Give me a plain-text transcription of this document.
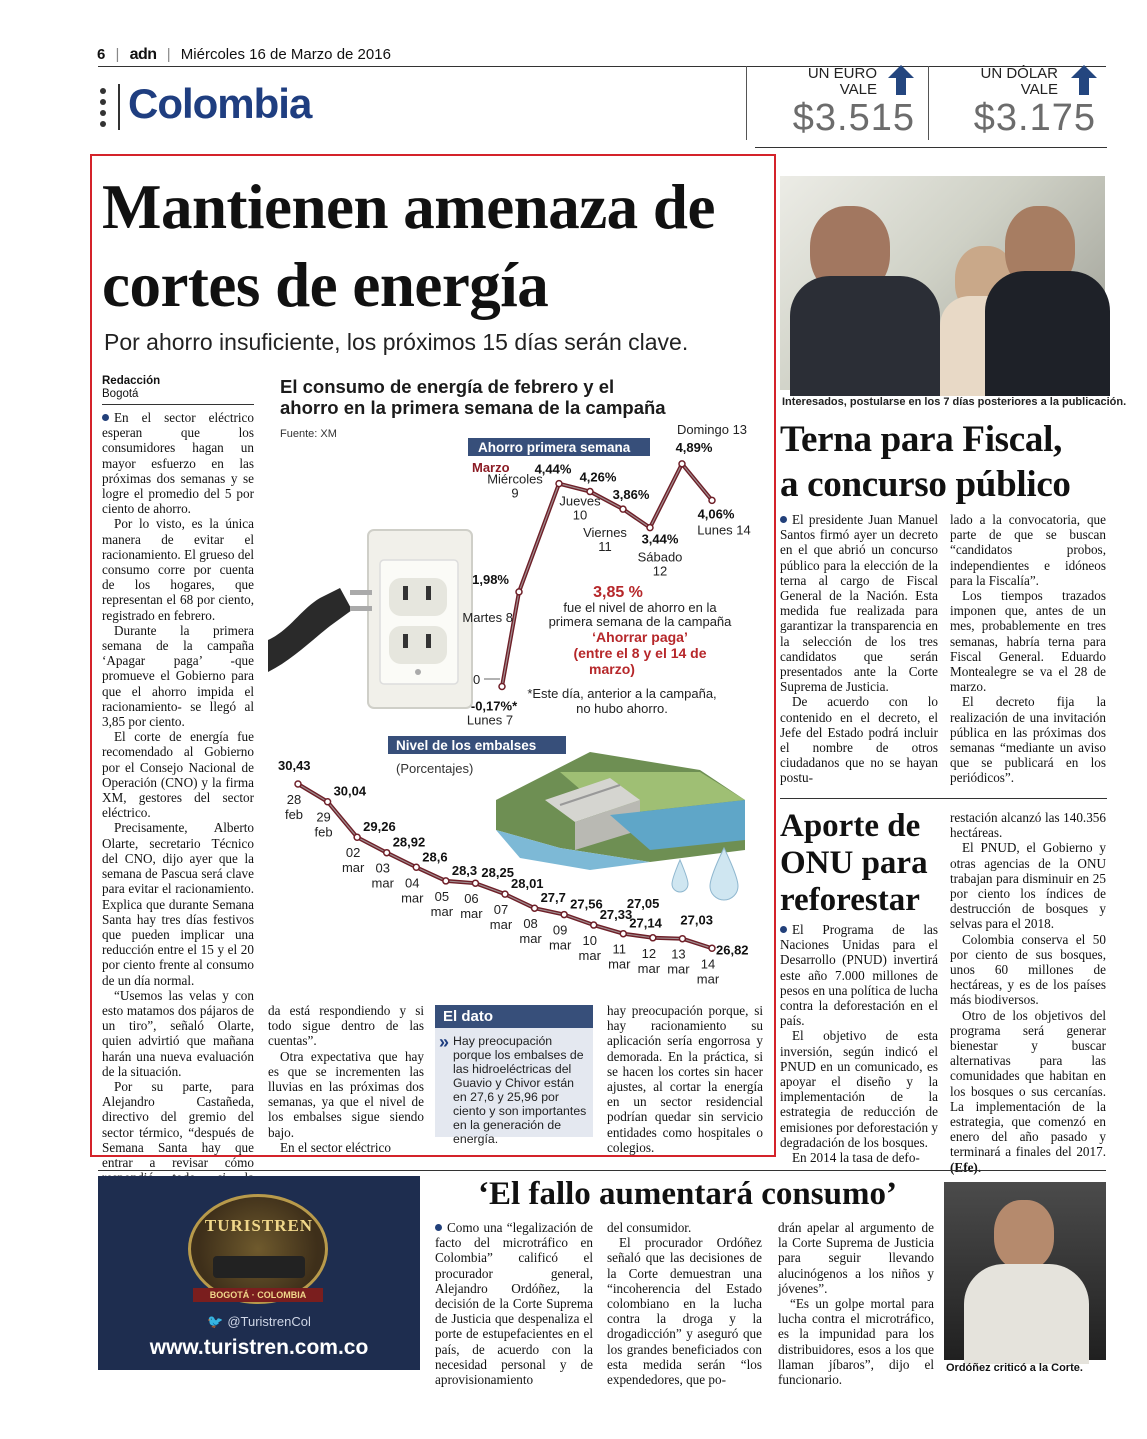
6 | adn | Miércoles 16 de Marzo de 2016
Colombia
UN EURO
VALE
$3.515
UN DÓLAR
VALE
$3.175
Mantienen amenaza de cortes de energía
Por ahorro insuficiente, los próximos 15 días serán clave.
Redacción
Bogotá

En el sector eléctrico esperan que los consumidores hagan un mayor esfuerzo en las próximas dos semanas y se logre el promedio del 5 por ciento de ahorro.

Por lo visto, es la única manera de evitar el racionamiento. El grueso del consumo corre por cuenta de los hogares, que representan el 68 por ciento, registrado en febrero.

Durante la primera semana de la campaña ‘Apagar paga’ -que promueve el Gobierno para que el ahorro impida el racionamiento- se llegó al 3,85 por ciento.

El corte de energía fue recomendado al Gobierno por el Consejo Nacional de Operación (CNO) y la firma XM, gestores del sector eléctrico.

Precisamente, Alberto Olarte, secretario Técnico del CNO, dijo ayer que la semana de Pascua será clave para evitar el racionamiento. Explica que durante Semana Santa hay tres días festivos que pueden implicar una reducción entre el 15 y el 20 por ciento frente al consumo de un día normal.

“Usemos las velas y con esto matamos dos pájaros de un tiro”, señaló Olarte, quien advirtió que mañana harán una nueva evaluación de la situación.

Por su parte, para Alejandro Castañeda, directivo del gremio del sector térmico, “después de Semana Santa hay que entrar a revisar cómo

El consumo de energía de febrero y el
ahorro en la primera semana de la campaña
Fuente: XM
Ahorro primera semana
Marzo
0
-0,17%*
Lunes 7
1,98%
Martes 8
4,44%
Miércoles
9
4,26%
Jueves
10
3,86%
Viernes
11
3,44%
Sábado
12
4,89%
Domingo 13
4,06%
Lunes 14
3,85 %
fue el nivel de ahorro en la
primera semana de la campaña
‘Ahorrar paga’
(entre el 8 y el 14 de
marzo)
*Este día, anterior a la campaña,
no hubo ahorro.
Nivel de los embalses
(Porcentajes)
30,43
28
feb
30,04
29
feb 29,26
02
mar
28,92
03
mar
28,6
04
mar
28,3
05
mar
28,25
06
mar
28,01
07
mar
27,7
08
mar
27,56
09
mar
27,33
10
mar
27,14
11
mar
27,05
12
mar
27,03
13
mar
26,82
14
mar

da está respondiendo y si todo sigue dentro de las cuentas”.

Otra expectativa que hay es que se incrementen las lluvias en las próximas dos semanas, ya que el nivel de los embalses sigue siendo bajo.

En el sector eléctrico

El dato
» Hay preocupación porque los embalses de las hidroeléctricas del Guavio y Chivor están en 27,6 y 25,96 por ciento y son importantes en la generación de energía.

hay preocupación porque, si hay racionamiento su aplicación sería engorrosa y demorada. En la práctica, si se hacen los cortes sin hacer ajustes, al cortar la energía en un sector residencial podrían quedar sin servicio entidades como hospitales o colegios.

Interesados, postularse en los 7 días posteriores a la publicación.
Terna para Fiscal,
a concurso público

El presidente Juan Manuel Santos firmó ayer un decreto en el que abrió un concurso público para la elección de la terna al cargo de Fiscal General de la Nación. Esta medida fue realizada para garantizar la transparencia en la selección de los tres candidatos que serán presentados ante la Corte Suprema de Justicia.

De acuerdo con lo contenido en el decreto, el Jefe del Estado podrá incluir el nombre de otros ciudadanos que no se hayan postu-

lado a la convocatoria, que parte de que se buscan “candidatos probos, independientes e idóneos para la Fiscalía”.

Los tiempos trazados imponen que, antes de un mes, probablemente en tres semanas, habría terna para Fiscal General. Eduardo Montealegre se va el 28 de marzo.

El decreto fija la realización de una invitación pública en las próximas dos semanas “mediante un aviso que se publicará en los periódicos”.

Aporte de ONU para reforestar

El Programa de las Naciones Unidas para el Desarrollo (PNUD) invertirá este año 7.000 millones de pesos en una política de lucha contra la deforestación en el país.

El objetivo de esta inversión, según indicó el PNUD en un comunicado, es apoyar el diseño y la implementación de la estrategia de reducción de emisiones por deforestación y degradación de los bosques.

En 2014 la tasa de defo-

restación alcanzó las 140.356 hectáreas.

El PNUD, el Gobierno y otras agencias de la ONU trabajan para disminuir en 25 por ciento los índices de destrucción de bosques y selvas para el 2018.

Colombia conserva el 50 por ciento de sus bosques, unos 60 millones de hectáreas, y es de los países más biodiversos.

Otro de los objetivos del programa será generar bienestar y buscar alternativas para las comunidades que habitan en los bosques o sus cercanías. La implementación de la estrategia, que comenzó en enero del año pasado y terminará a finales del 2017. (Efe).

TURISTREN
BOGOTÁ · COLOMBIA
🐦 @TuristrenCol
www.turistren.com.co
‘El fallo aumentará consumo’

Como una “legalización de facto del microtráfico en Colombia” calificó el procurador general, Alejandro Ordóñez, la decisión de la Corte Suprema de Justicia que despenaliza el porte de estupefacientes en el país, de acuerdo con la necesidad personal y de aprovisionamiento

del consumidor.

El procurador Ordóñez señaló que las decisiones de la Corte demuestran una “incoherencia del Estado colombiano en la lucha contra la droga y la drogadicción” y aseguró que los grandes beneficiados con esta medida serán “los expendedores, que po-

drán apelar al argumento de la Corte Suprema de Justicia para seguir llevando alucinógenos a los niños y jóvenes”.

“Es un golpe mortal para lucha contra el microtráfico, es la impunidad para los distribuidores, esos a los que llaman jíbaros”, dijo el funcionario.

Ordóñez criticó a la Corte.
